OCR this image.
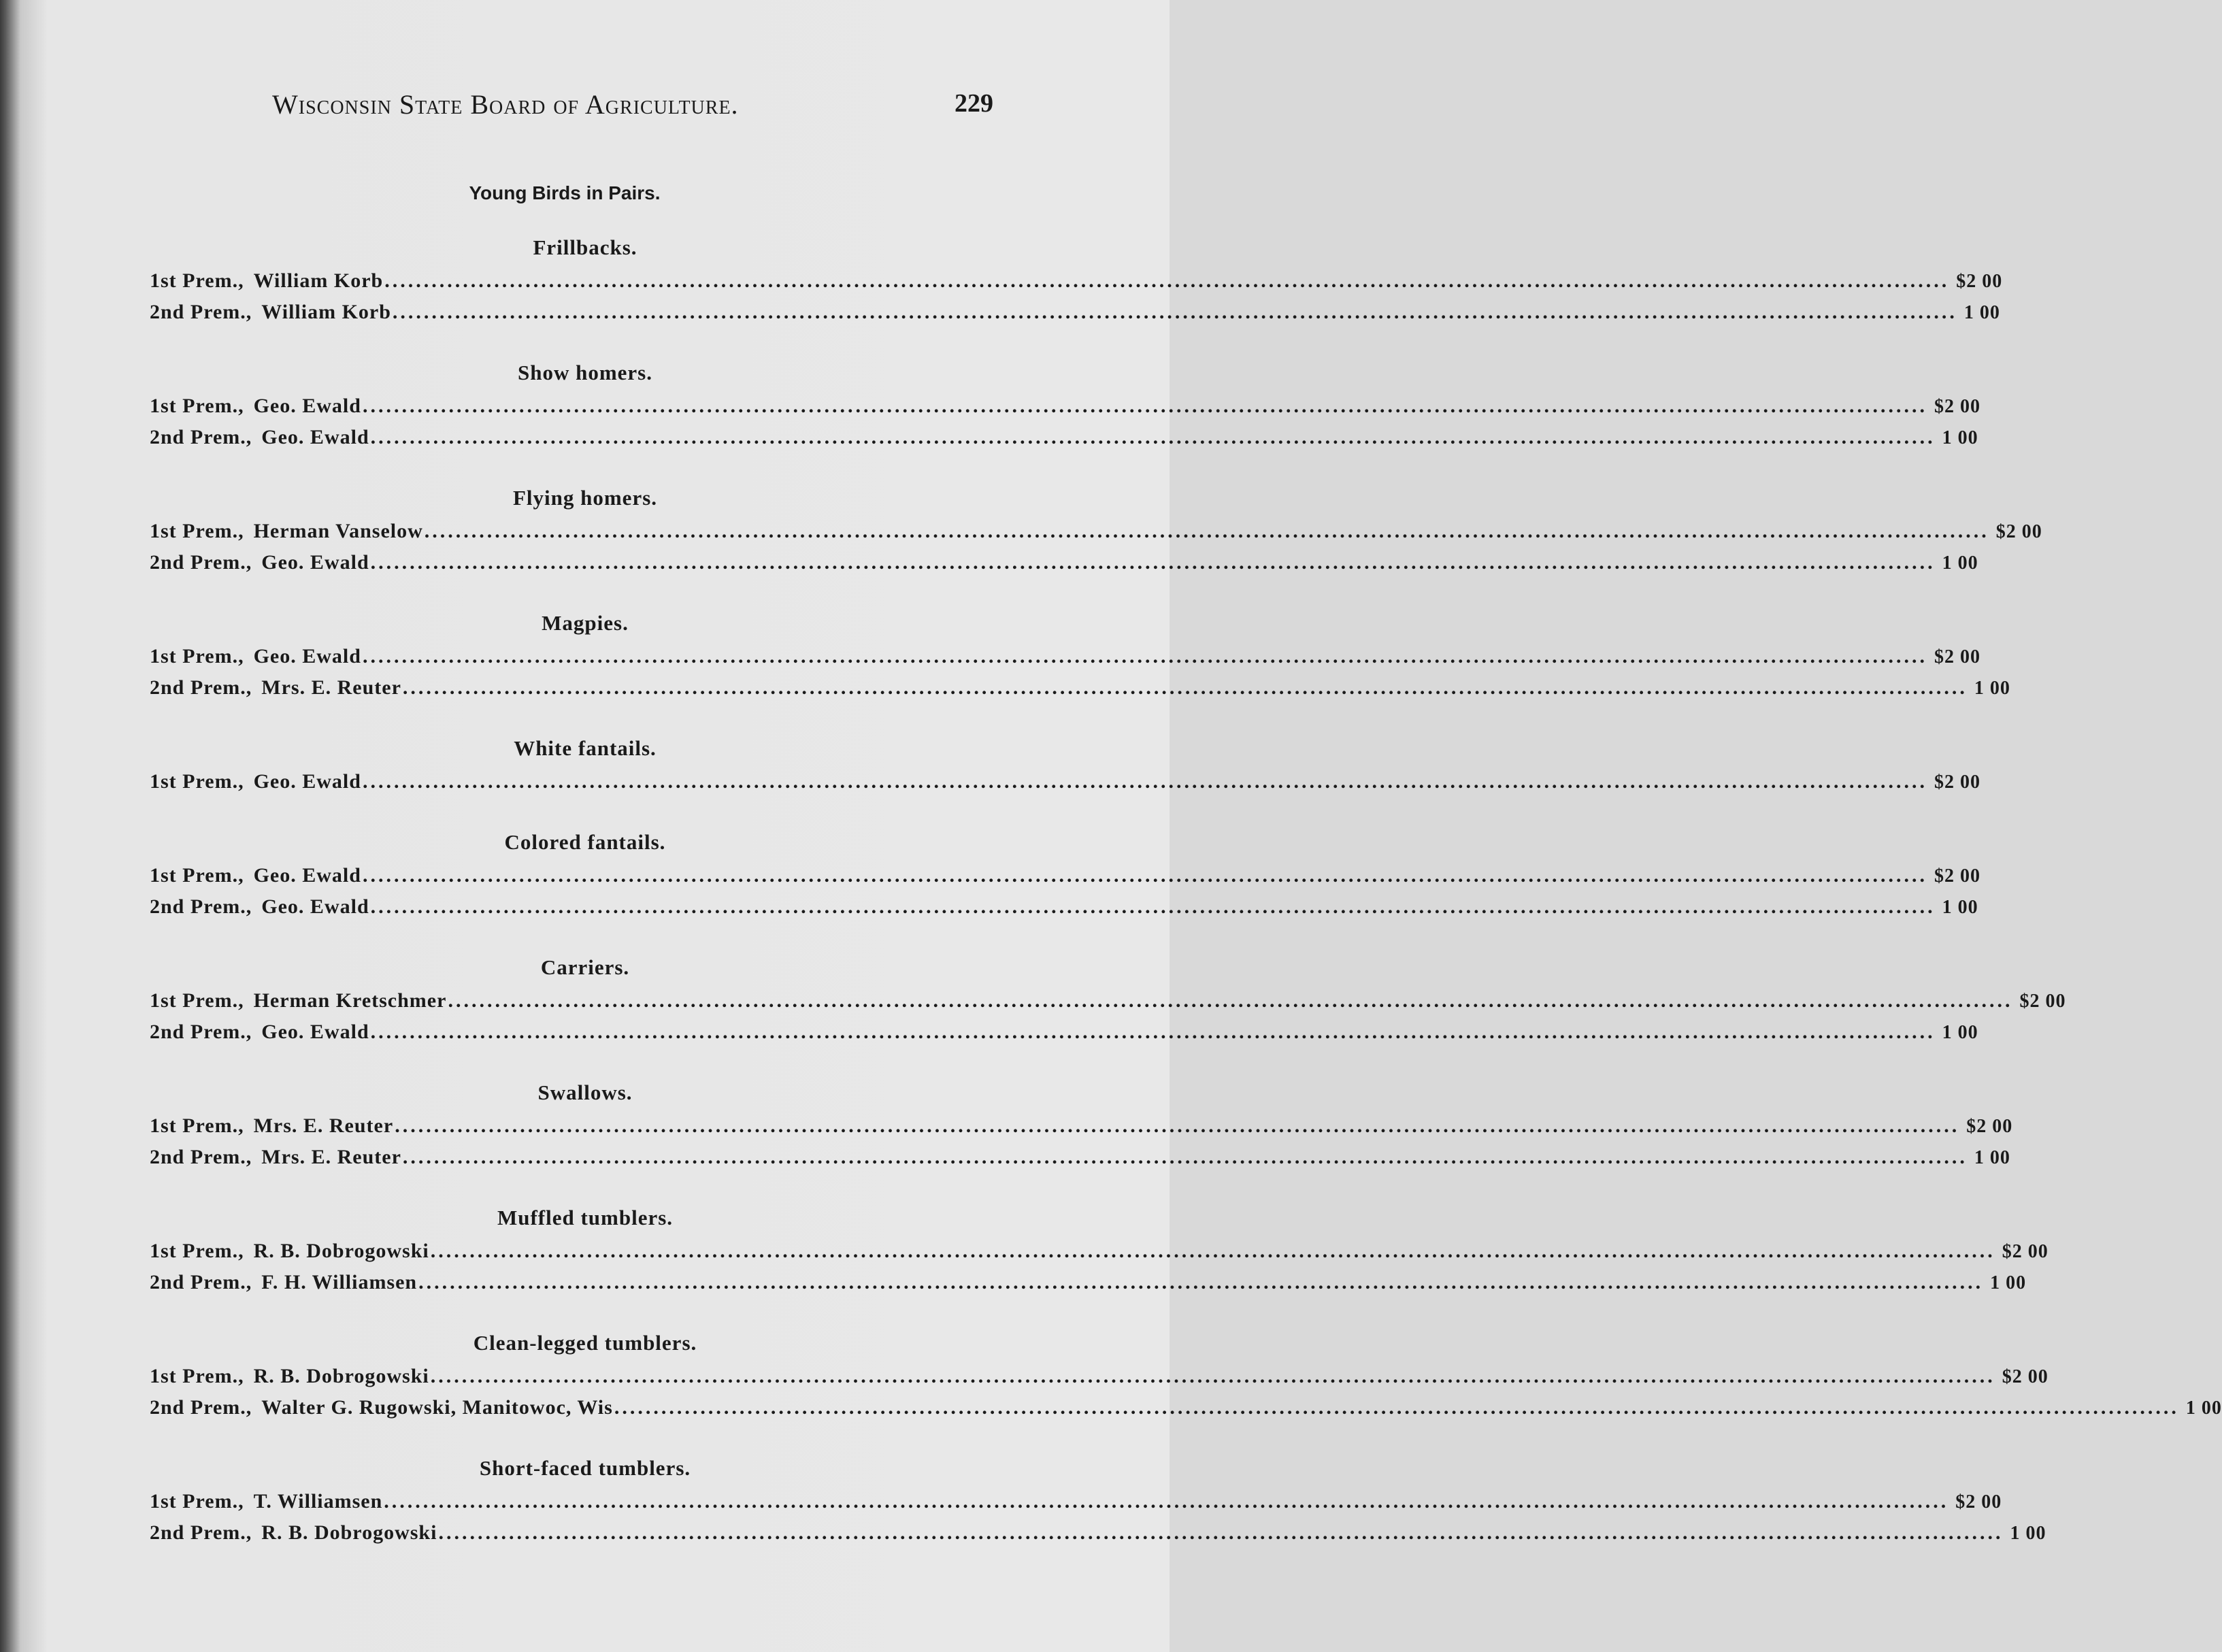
Wisconsin State Board of Agriculture.	229
Young Birds in Pairs.
Frillbacks.
1st Prem., William Korb ........................................................................................................................................................................................................ $2 00
2nd Prem., William Korb ........................................................................................................................................................................................................ 1 00
Show homers.
1st Prem., Geo. Ewald ........................................................................................................................................................................................................ $2 00
2nd Prem., Geo. Ewald ........................................................................................................................................................................................................ 1 00
Flying homers.
1st Prem., Herman Vanselow ........................................................................................................................................................................................................ $2 00
2nd Prem., Geo. Ewald ........................................................................................................................................................................................................ 1 00
Magpies.
1st Prem., Geo. Ewald ........................................................................................................................................................................................................ $2 00
2nd Prem., Mrs. E. Reuter ........................................................................................................................................................................................................ 1 00
White fantails.
1st Prem., Geo. Ewald ........................................................................................................................................................................................................ $2 00
Colored fantails.
1st Prem., Geo. Ewald ........................................................................................................................................................................................................ $2 00
2nd Prem., Geo. Ewald ........................................................................................................................................................................................................ 1 00
Carriers.
1st Prem., Herman Kretschmer ........................................................................................................................................................................................................ $2 00
2nd Prem., Geo. Ewald ........................................................................................................................................................................................................ 1 00
Swallows.
1st Prem., Mrs. E. Reuter ........................................................................................................................................................................................................ $2 00
2nd Prem., Mrs. E. Reuter ........................................................................................................................................................................................................ 1 00
Muffled tumblers.
1st Prem., R. B. Dobrogowski ........................................................................................................................................................................................................ $2 00
2nd Prem., F. H. Williamsen ........................................................................................................................................................................................................ 1 00
Clean-legged tumblers.
1st Prem., R. B. Dobrogowski ........................................................................................................................................................................................................ $2 00
2nd Prem., Walter G. Rugowski, Manitowoc, Wis ........................................................................................................................................................................................................ 1 00
Short-faced tumblers.
1st Prem., T. Williamsen ........................................................................................................................................................................................................ $2 00
2nd Prem., R. B. Dobrogowski ........................................................................................................................................................................................................ 1 00
